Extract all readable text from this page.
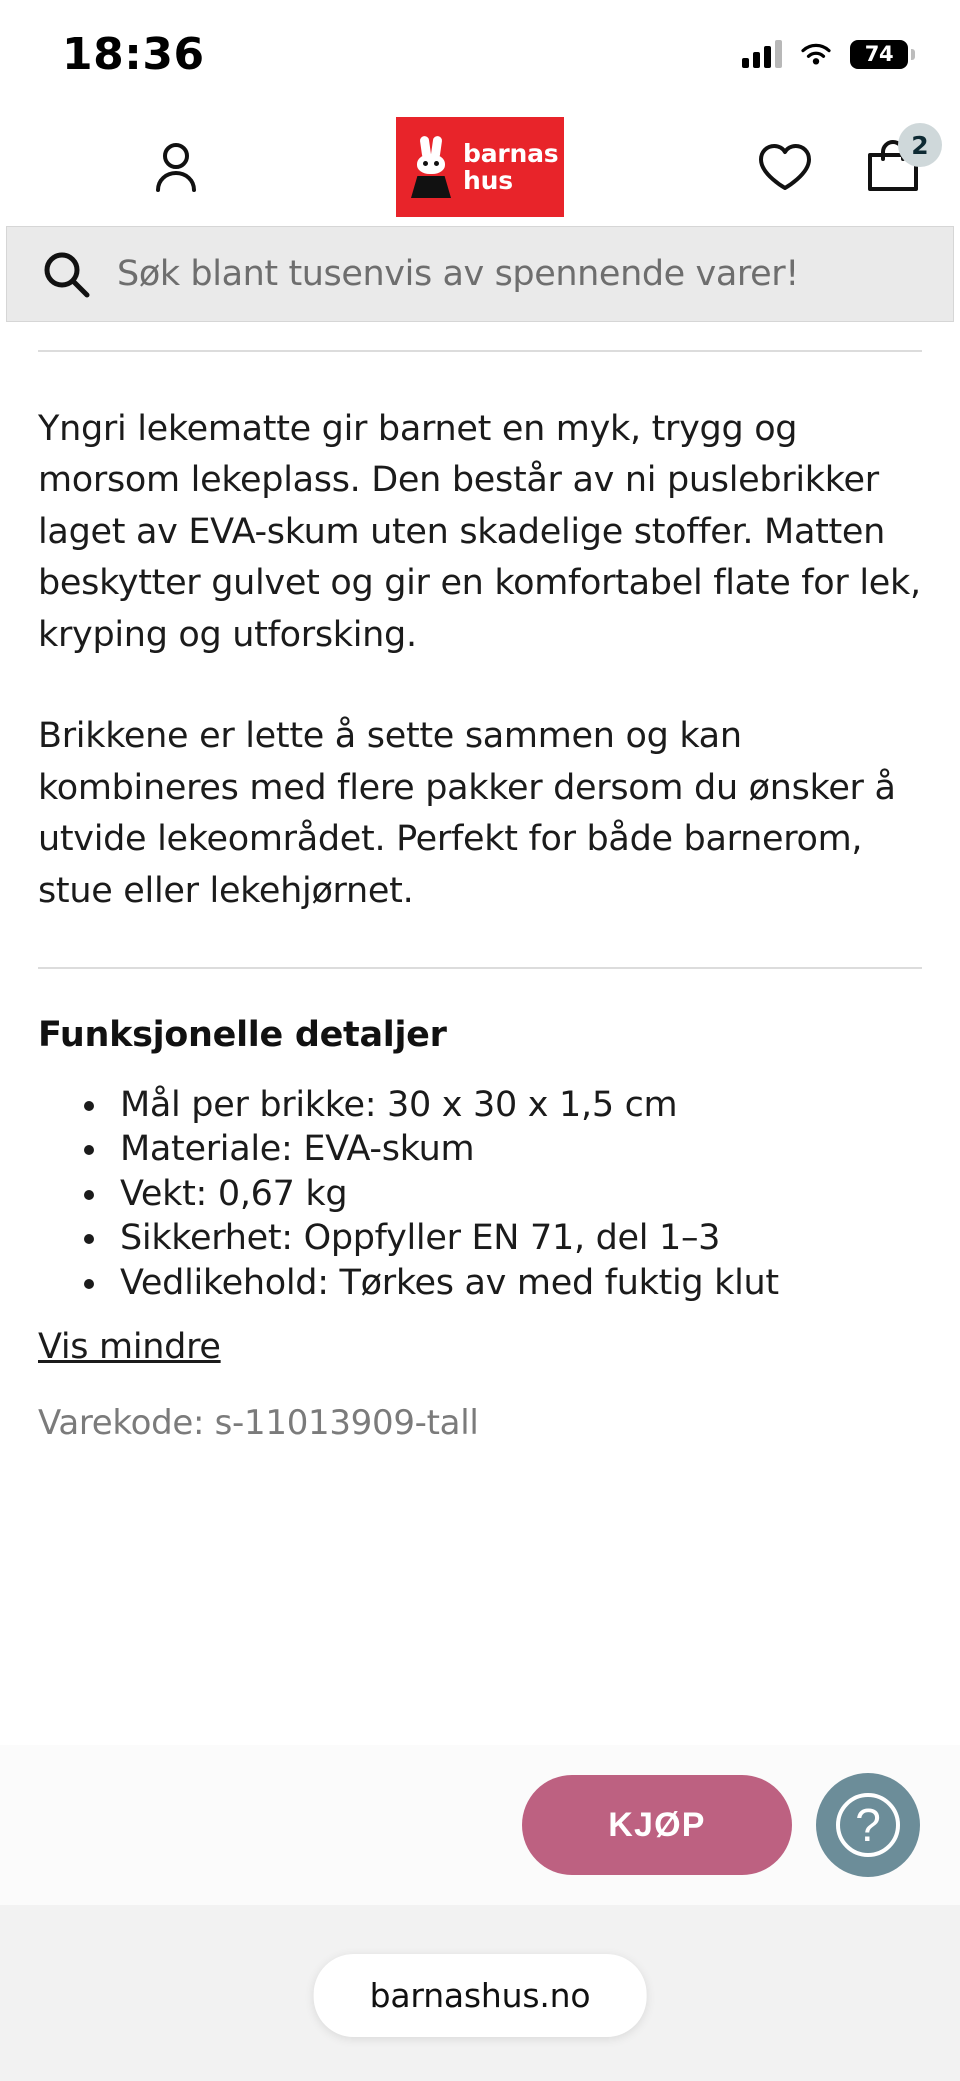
18:36	74
barnas
hus
2
Søk blant tusenvis av spennende varer!

Yngri lekematte gir barnet en myk, trygg og morsom lekeplass. Den består av ni puslebrikker laget av EVA-skum uten skadelige stoffer. Matten beskytter gulvet og gir en komfortabel flate for lek, kryping og utforsking.

Brikkene er lette å sette sammen og kan kombineres med flere pakker dersom du ønsker å utvide lekeområdet. Perfekt for både barnerom, stue eller lekehjørnet.

Funksjonelle detaljer
Mål per brikke: 30 x 30 x 1,5 cm
Materiale: EVA-skum
Vekt: 0,67 kg
Sikkerhet: Oppfyller EN 71, del 1–3
Vedlikehold: Tørkes av med fuktig klut
Vis mindre
Varekode: s-11013909-tall
KJØP	?
barnashus.no
